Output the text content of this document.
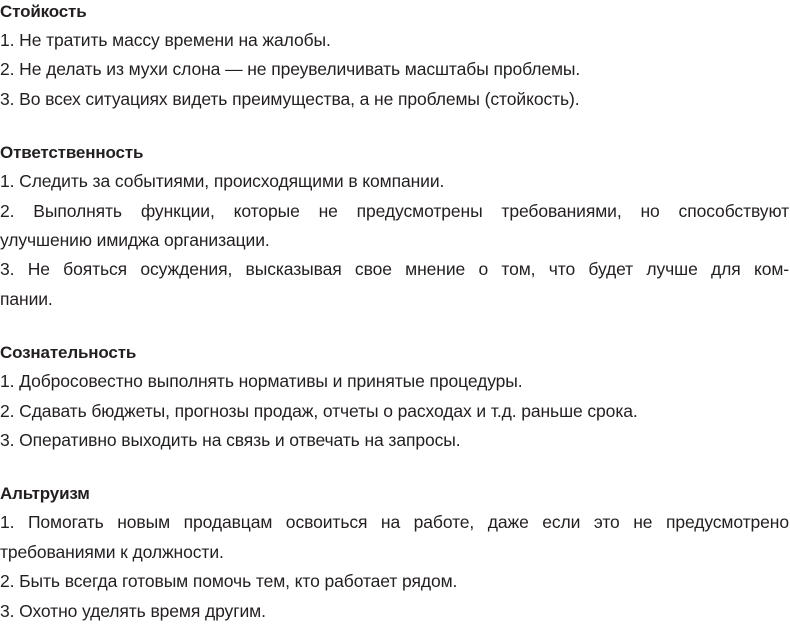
Стойкость
1. Не тратить массу времени на жалобы.
2. Не делать из мухи слона — не преувеличивать масштабы проблемы.
3. Во всех ситуациях видеть преимущества, а не проблемы (стойкость).
Ответственность
1. Следить за событиями, происходящими в компании.
2. Выполнять функции, которые не предусмотрены требованиями, но способствуют
улучшению имиджа организации.
3. Не бояться осуждения, высказывая свое мнение о том, что будет лучше для ком-
пании.
Сознательность
1. Добросовестно выполнять нормативы и принятые процедуры.
2. Сдавать бюджеты, прогнозы продаж, отчеты о расходах и т.д. раньше срока.
3. Оперативно выходить на связь и отвечать на запросы.
Альтруизм
1. Помогать новым продавцам освоиться на работе, даже если это не предусмотрено
требованиями к должности.
2. Быть всегда готовым помочь тем, кто работает рядом.
3. Охотно уделять время другим.
